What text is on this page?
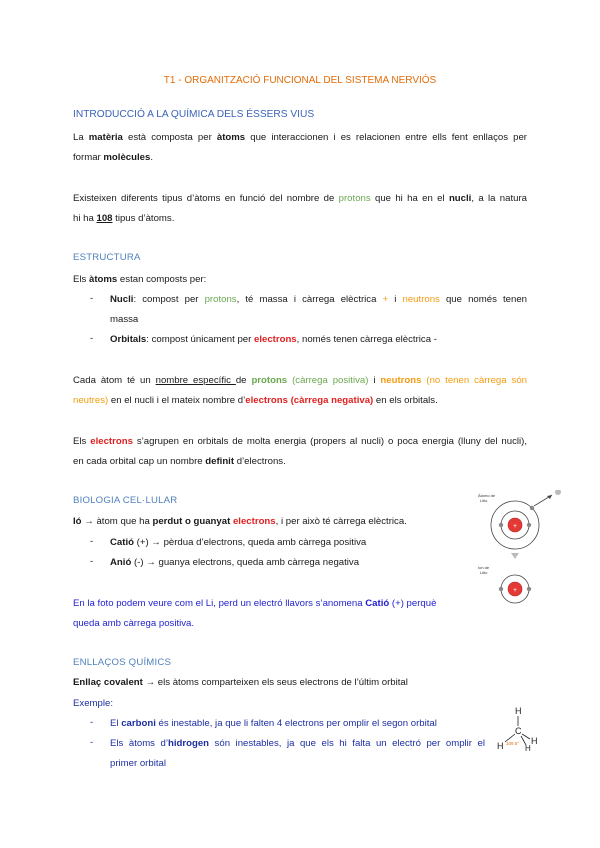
T1 - ORGANITZACIÓ FUNCIONAL DEL SISTEMA NERVIÓS
INTRODUCCIÓ A LA QUÍMICA DELS ÉSSERS VIUS
La matèria està composta per àtoms que interaccionen i es relacionen entre ells fent enllaços per
formar molècules.
Existeixen diferents tipus d’àtoms en funció del nombre de protons que hi ha en el nucli, a la natura
hi ha 108 tipus d’àtoms.
ESTRUCTURA
Els àtoms estan composts per:
- Nucli: compost per protons, té massa i càrrega elèctrica + i neutrons que només tenen
massa
- Orbitals: compost únicament per electrons, només tenen càrrega elèctrica -
Cada àtom té un nombre específic de protons (càrrega positiva) i neutrons (no tenen càrrega són
neutres) en el nucli i el mateix nombre d’electrons (càrrega negativa) en els orbitals.
Els electrons s’agrupen en orbitals de molta energia (propers al nucli) o poca energia (lluny del nucli),
en cada orbital cap un nombre definit d’electrons.
BIOLOGIA CEL·LULAR
Ió → àtom que ha perdut o guanyat electrons, i per això té càrrega elèctrica.
- Catió (+) → pèrdua d’electrons, queda amb càrrega positiva
- Anió (-) → guanya electrons, queda amb càrrega negativa
En la foto podem veure com el Li, perd un electró llavors s’anomena Catió (+) perquè
queda amb càrrega positiva.
Àtomo de
Litio
+
Ion de
Litio
+
ENLLAÇOS QUÍMICS
Enllaç covalent → els àtoms comparteixen els seus electrons de l’últim orbital
Exemple:
- El carboni és inestable, ja que li falten 4 electrons per omplir el segon orbital
- Els àtoms d’hidrogen són inestables, ja que els hi falta un electró per omplir el
primer orbital
H
C
H	H
H
109.5°
